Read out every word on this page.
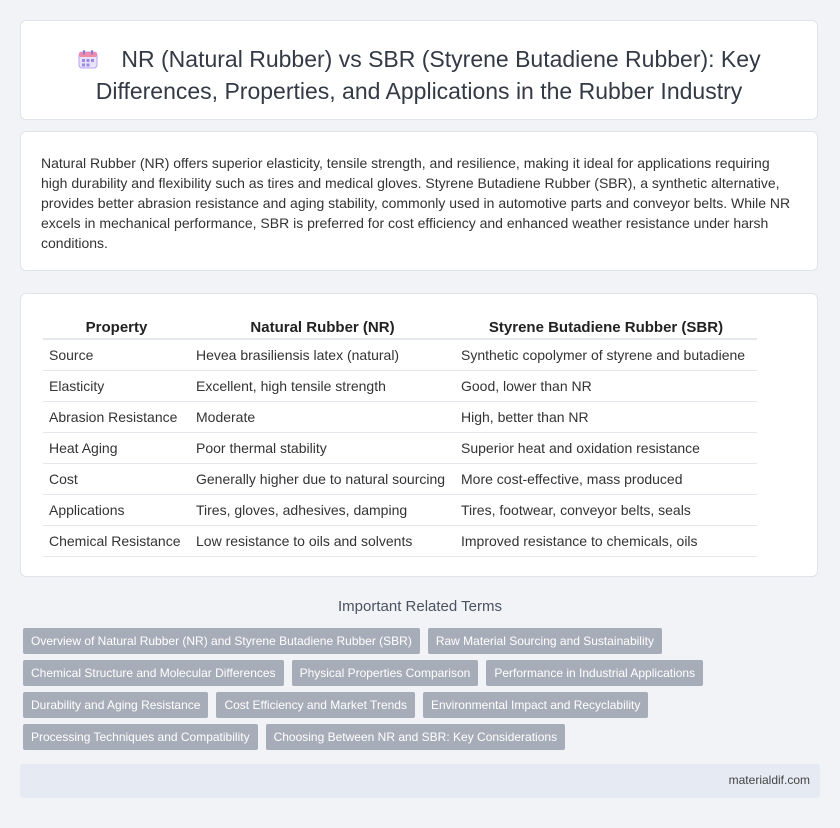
NR (Natural Rubber) vs SBR (Styrene Butadiene Rubber): Key Differences, Properties, and Applications in the Rubber Industry

Natural Rubber (NR) offers superior elasticity, tensile strength, and resilience, making it ideal for applications requiring high durability and flexibility such as tires and medical gloves. Styrene Butadiene Rubber (SBR), a synthetic alternative, provides better abrasion resistance and aging stability, commonly used in automotive parts and conveyor belts. While NR excels in mechanical performance, SBR is preferred for cost efficiency and enhanced weather resistance under harsh conditions.

Property	Natural Rubber (NR)	Styrene Butadiene Rubber (SBR)
Source	Hevea brasiliensis latex (natural)	Synthetic copolymer of styrene and butadiene
Elasticity	Excellent, high tensile strength	Good, lower than NR
Abrasion Resistance	Moderate	High, better than NR
Heat Aging	Poor thermal stability	Superior heat and oxidation resistance
Cost	Generally higher due to natural sourcing	More cost-effective, mass produced
Applications	Tires, gloves, adhesives, damping	Tires, footwear, conveyor belts, seals
Chemical Resistance	Low resistance to oils and solvents	Improved resistance to chemicals, oils
Important Related Terms
Overview of Natural Rubber (NR) and Styrene Butadiene Rubber (SBR)	Raw Material Sourcing and Sustainability
Chemical Structure and Molecular Differences	Physical Properties Comparison	Performance in Industrial Applications
Durability and Aging Resistance	Cost Efficiency and Market Trends	Environmental Impact and Recyclability
Processing Techniques and Compatibility	Choosing Between NR and SBR: Key Considerations
materialdif.com
